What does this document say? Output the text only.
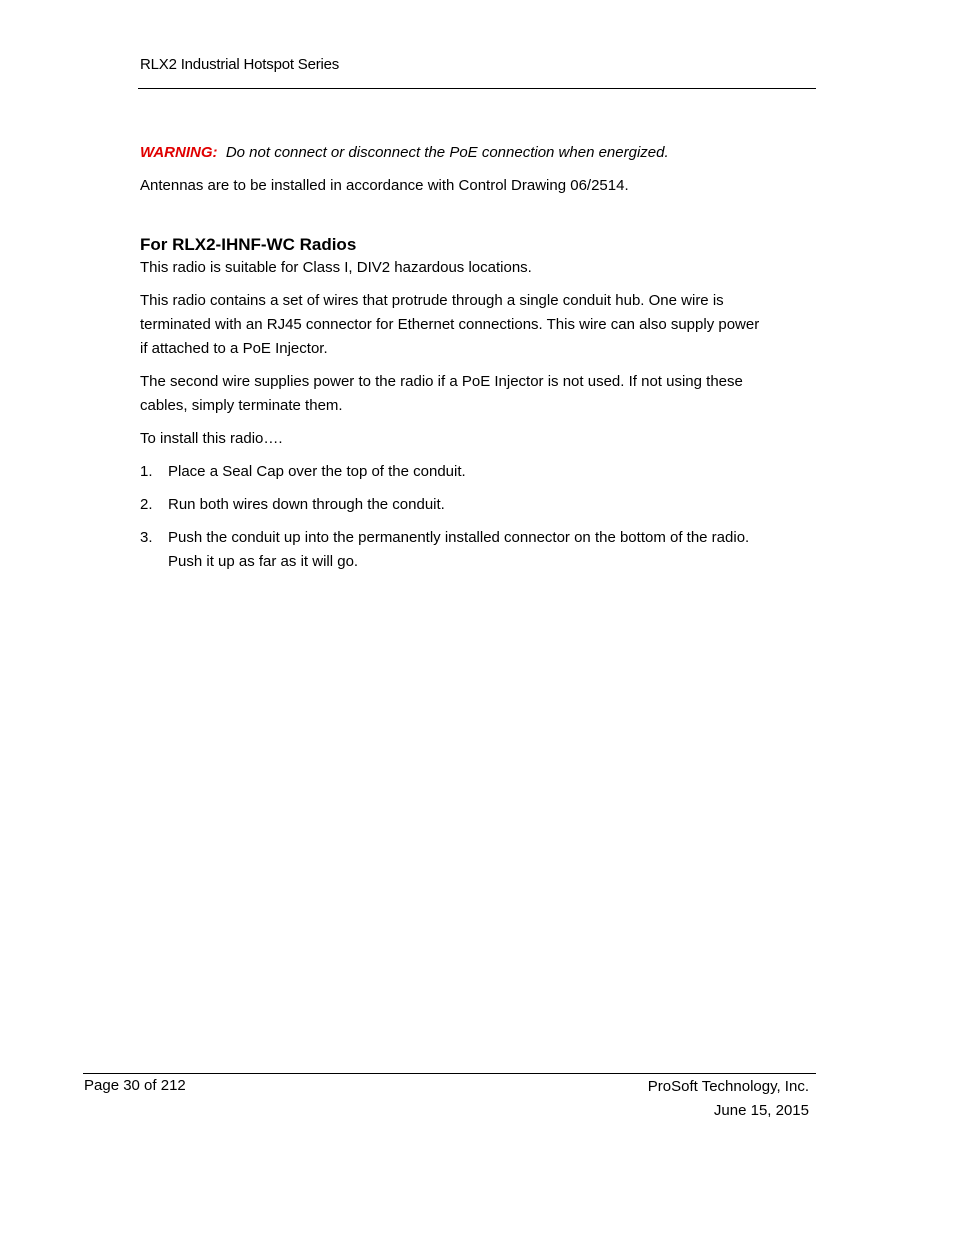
RLX2 Industrial Hotspot Series

WARNING: Do not connect or disconnect the PoE connection when energized.

Antennas are to be installed in accordance with Control Drawing 06/2514.

For RLX2-IHNF-WC Radios

This radio is suitable for Class I, DIV2 hazardous locations.

This radio contains a set of wires that protrude through a single conduit hub. One wire is terminated with an RJ45 connector for Ethernet connections. This wire can also supply power if attached to a PoE Injector.

The second wire supplies power to the radio if a PoE Injector is not used. If not using these cables, simply terminate them.

To install this radio….

1.	Place a Seal Cap over the top of the conduit.
2.	Run both wires down through the conduit.
3.	Push the conduit up into the permanently installed connector on the bottom of the radio. Push it up as far as it will go.
Page 30 of 212	ProSoft Technology, Inc.
June 15, 2015
